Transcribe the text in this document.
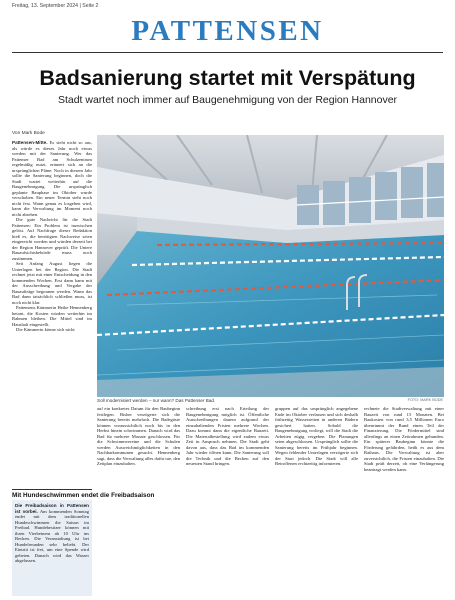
Freitag, 13. September 2024 | Seite 2
PATTENSEN
Badsanierung startet mit Verspätung
Stadt wartet noch immer auf Baugenehmigung von der Region Hannover
Von Mark Bode

Pattensen-Mitte. Es sieht nicht so aus, als würde es dieses Jahr noch etwas werden mit der Sanierung. Wer das Pattenser Bad am Schulzentrum regelmäßig nutzt, erinnert sich an die ursprünglichen Pläne: Noch in diesem Jahr sollte die Sanierung beginnen, doch die Stadt wartet weiterhin auf die Baugenehmigung. Die ursprünglich geplante Bauphase im Oktober wurde verschoben. Ein neuer Termin steht noch nicht fest. Wann genau es losgehen wird, kann die Verwaltung im Moment noch nicht absehen.

Die gute Nachricht für die Stadt Pattensen: Ein Problem ist inzwischen gelöst. Auf Nachfrage dieser Redaktion hieß es, die benötigten Nachweise seien eingereicht worden und würden derzeit bei der Region Hannover geprüft. Die Untere Bauaufsichtsbehörde muss noch zustimmen.

Seit Anfang August liegen die Unterlagen bei der Region. Die Stadt rechnet jetzt mit einer Entscheidung in den kommenden Wochen. Erst dann kann mit der Ausschreibung und Vergabe der Bauaufträge begonnen werden. Wann das Bad dann tatsächlich schließen muss, ist noch nicht klar.

Pattensens Kämmerin Heike Hennenberg betont, die Kosten würden weiterhin im Rahmen bleiben. Die Mittel sind im Haushalt eingestellt.

Die Kämmerin könne sich nicht

Soll modernisiert werden – nur wann? Das Pattenser Bad.	FOTO: MARK BODE
auf ein konkretes Datum für den Baubeginn festlegen. Bisher verzögerte sich die Sanierung bereits mehrfach. Die Badegäste können voraussichtlich noch bis in den Herbst hinein schwimmen. Danach wird das Bad für mehrere Monate geschlossen. Für die Schwimmvereine und die Schulen werden Ausweichmöglichkeiten in den Nachbarkommunen gesucht. Hennenberg sagt, dass die Verwaltung alles dafür tue, den Zeitplan einzuhalten.
schreibung erst nach Erteilung der Baugenehmigung möglich ist. Öffentliche Ausschreibungen dauern aufgrund der einzuhaltenden Fristen mehrere Wochen. Dazu kommt dann die eigentliche Bauzeit. Die Materialbestellung wird zudem etwas Zeit in Anspruch nehmen. Die Stadt geht davon aus, dass das Bad im kommenden Jahr wieder öffnen kann. Die Sanierung soll die Technik und die Becken auf den neuesten Stand bringen.
gruppen auf das ursprünglich angegebene Ende im Oktober verlassen und sich deshalb frühzeitig Wasserzeiten in anderen Bädern gesichert hatten. Sobald die Baugenehmigung vorliegt, will die Stadt die Arbeiten zügig vergeben. Die Planungen seien abgeschlossen. Ursprünglich sollte die Sanierung bereits im Frühjahr beginnen. Wegen fehlender Unterlagen verzögerte sich der Start jedoch. Die Stadt will alle Betroffenen rechtzeitig informieren.
rechnete die Stadtverwaltung mit einer Bauzeit von rund 15 Monaten. Bei Baukosten von rund 3,5 Millionen Euro übernimmt der Bund einen Teil der Finanzierung. Die Fördermittel sind allerdings an einen Zeitrahmen gebunden. Ein späterer Baubeginn könnte die Förderung gefährden, heißt es aus dem Rathaus. Die Verwaltung ist aber zuversichtlich, die Fristen einzuhalten. Die Stadt prüft derzeit, ob eine Verlängerung beantragt werden kann.
Mit Hundeschwimmen endet die Freibadsaison

Die Freibadsaison in Pattensen ist vorbei. Am kommenden Sonntag endet mit dem traditionellen Hundeschwimmen die Saison im Freibad. Hundebesitzer können mit ihren Vierbeinern ab 10 Uhr ins Becken. Die Veranstaltung ist bei Hundefreunden sehr beliebt. Der Eintritt ist frei, um eine Spende wird gebeten. Danach wird das Wasser abgelassen.
